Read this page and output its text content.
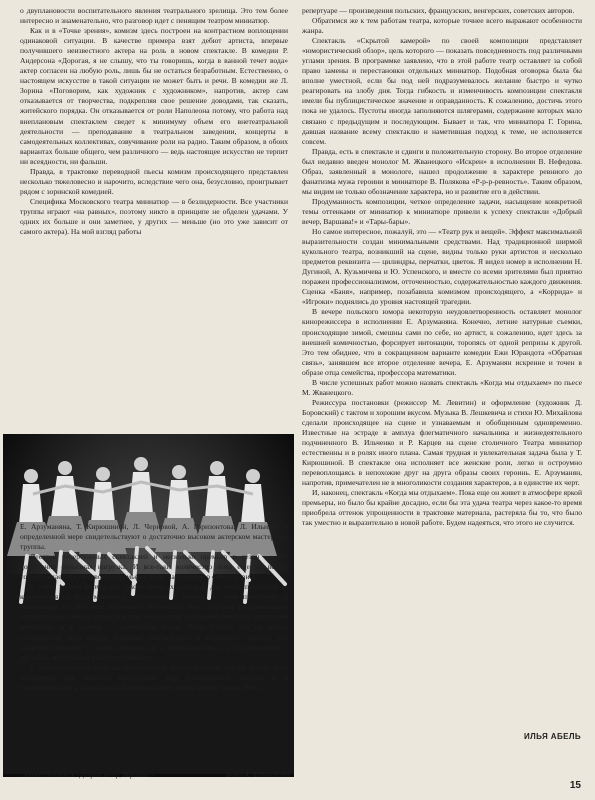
о двуплановости воспитательного явления театрального зрелища. Это тем более интересно и знаменательно, что разговор идет с пенящим театром миниатюр.

Как и в «Точке зрения», комизм здесь построен на контрастном воплощении одинаковой ситуации. В качестве примера взят дебют артиста, впервые получившего неизвестного актера на роль в новом спектакле. В комедии Р. Андерсона «Дорогая, я не слышу, что ты говоришь, когда в ванной течет вода» актер согласен на любую роль, лишь бы не остаться безработным. Естественно, о настоящем искусстве в такой ситуации не может быть и речи. В комедии же Л. Зорина «Поговорим, как художник с художником», напротив, актер сам отказывается от творчества, подкрепляя свое решение доводами, так сказать, житейского порядка. Он отказывается от роли Наполеона потому, что работа над внеплановым спектаклем сведет к минимуму объем его внетеатральной деятельности — преподавание в театральном заведении, концерты в самодеятельных коллективах, озвучивание роли на радио. Таким образом, в обоих вариантах больше общего, чем различного — ведь настоящее искусство не терпит ни всеядности, ни фальши.

Правда, в трактовке переводной пьесы комизм происходящего представлен несколько тяжеловесно и нарочито, вследствие чего она, безусловно, проигрывает рядом с зоринской комедией.

Специфика Московского театра миниатюр — в безлидерности. Все участники труппы играют «на равных», поэтому никто в принципе не обделен удачами. У одних их больше и они заметнее, у других — меньше (но это уже зависит от самого актера). На мой взгляд работы

Эпизод спектакля «Добрый вечер, Варшава!»	Фото А. ШИБАНОВА

Е. Арзуманяна, Т. Кирюшиной, Л. Черновой, А. Горизонтова, Л. Ильиной в определенной мере свидетельствуют о достаточно высоком актерском мастерстве труппы.

Десяток репертуарных спектаклей и несколько премьер в сезон — это достаточно серьезная нагрузка. И все-таки количество пока еще не всегда сопровождается качеством, а премьеры редко заставляют о себе говорить.

С точки зрения формы для такого театра характерны два типа спектаклей — композиция из ряда миниатюр, собранных в единую по теме программу, и композиция из двух или нескольких небольших пьес, которые раскрывающих определенную тему. Случается и так, что в одном отделении спектакля идет серия миниатюр, а в другом — одноактная пьеса. Жаль только, что не всегда соблюдается мера между законами театрального и эстрадного зрелищ, что зачастую приводит с одной стороны, не к театральности, а к театральщине, с другой — к открытой иллюстративности.

С содержательной стороны репертуарная направленность театра может быть обозначена как попытка представить мир (понимаемый театром и в географическом и в социально-бытовом плане) сквозь призму смеха. В его

репертуаре — произведения польских, французских, венгерских, советских авторов.

Обратимся же к тем работам театра, которые точнее всего выражают особенности жанра.

Спектакль «Скрытой камерой» по своей композиции представляет «юмористический обзор», цель которого — показать повседневность под различными углами зрения. В программке заявлено, что в этой работе театр оставляет за собой право замены и перестановки отдельных миниатюр. Подобная оговорка была бы вполне уместной, если бы под ней подразумевалось желание быстро и чутко реагировать на злобу дня. Тогда гибкость и изменчивость композиции спектакля имели бы публицистическое значение и оправданность. К сожалению, достичь этого пока не удалось. Пустоты иногда заполняются шлягерами, содержание которых мало связано с предыдущим и последующим. Бывает и так, что миниатюра Г. Горина, давшая название всему спектаклю и наметившая подход к теме, не исполняется совсем.

Правда, есть в спектакле и сдвиги в положительную сторону. Во второе отделение был недавно введен монолог М. Жванецкого «Искрен» в исполнении В. Нефедова. Образ, заявленный в монологе, нашел продолжение в характере ревниого до фанатизма мужа героини в миниатюре В. Полякова «Р-р-р-ревность». Таким образом, мы видим не только обозначение характера, но и развитие его в действии.

Продуманность композиции, четкое определение задачи, насыщение конкретной темы оттенками от миниатюр к миниатюре привели к успеху спектакли «Добрый вечер, Варшава!» и «Тары-бары».

Но самое интересное, пожалуй, это — «Театр рук и вещей». Эффект максимальной выразительности создан минимальными средствами. Над традиционной ширмой кукольного театра, возникший на сцене, видны только руки артистов и несколько предметов реквизита — цилиндры, перчатки, цветок. Я видел номер в исполнении Н. Дугиной, А. Кузьмичева и Ю. Успенского, и вместе со всеми зрителями был приятно поражен профессионализмом, отточенностью, содержательностью каждого движения. Сценка «Баня», например, позабавила комизмом происходящего, а «Коррида» и «Игроки» поднялись до уровня настоящей трагедии.

В вечере польского юмора некоторую неудовлетворенность оставляет монолог кинорежиссера в исполнении Е. Арзуманяна. Конечно, летние натурные съемки, происходящие зимой, смешны сами по себе, но артист, к сожалению, идет здесь за внешней комичностью, форсирует интонации, торопясь от одной репризы к другой. Это тем обиднее, что в сокращенном варианте комедии Ежи Юрандота «Обратная связь», занявшем все второе отделение вечера, Е. Арзуманян искренне и точен в образе отца семейства, профессора математики.

В числе успешных работ можно назвать спектакль «Когда мы отдыхаем» по пьесе М. Жванецкого.

Режиссура постановки (режиссер М. Левитин) и оформление (художник Д. Боровский) с тактом и хорошим вкусом. Музыка В. Лешкевича и стихи Ю. Михайлова сделали происходящее на сцене и узнаваемым и обобщенным одновременно. Известные на эстраде в амплуа флегматичного начальника и жизнедеятельного подчиненного В. Ильченко и Р. Карцев на сцене столичного Театра миниатюр естественны и в ролях иного плана. Самая трудная и увлекательная задача была у Т. Кирюшиной. В спектакле она исполняет все женские роли, легко и остроумно перевоплощаясь в непохожие друг на друга образы своих героинь. Е. Арзуманян, напротив, примечателен не в многоликости создания характеров, а в единстве их черт.

И, наконец, спектакль «Когда мы отдыхаем». Пока еще он живет в атмосфере яркой премьеры, но было бы крайне досадно, если бы эта удача театра через какое-то время приобрела оттенок упрощенности в трактовке материала, растеряла бы то, что было так уместно и выразительно в новой работе. Будем надеяться, что этого не случится.

ИЛЬЯ АБЕЛЬ
15
